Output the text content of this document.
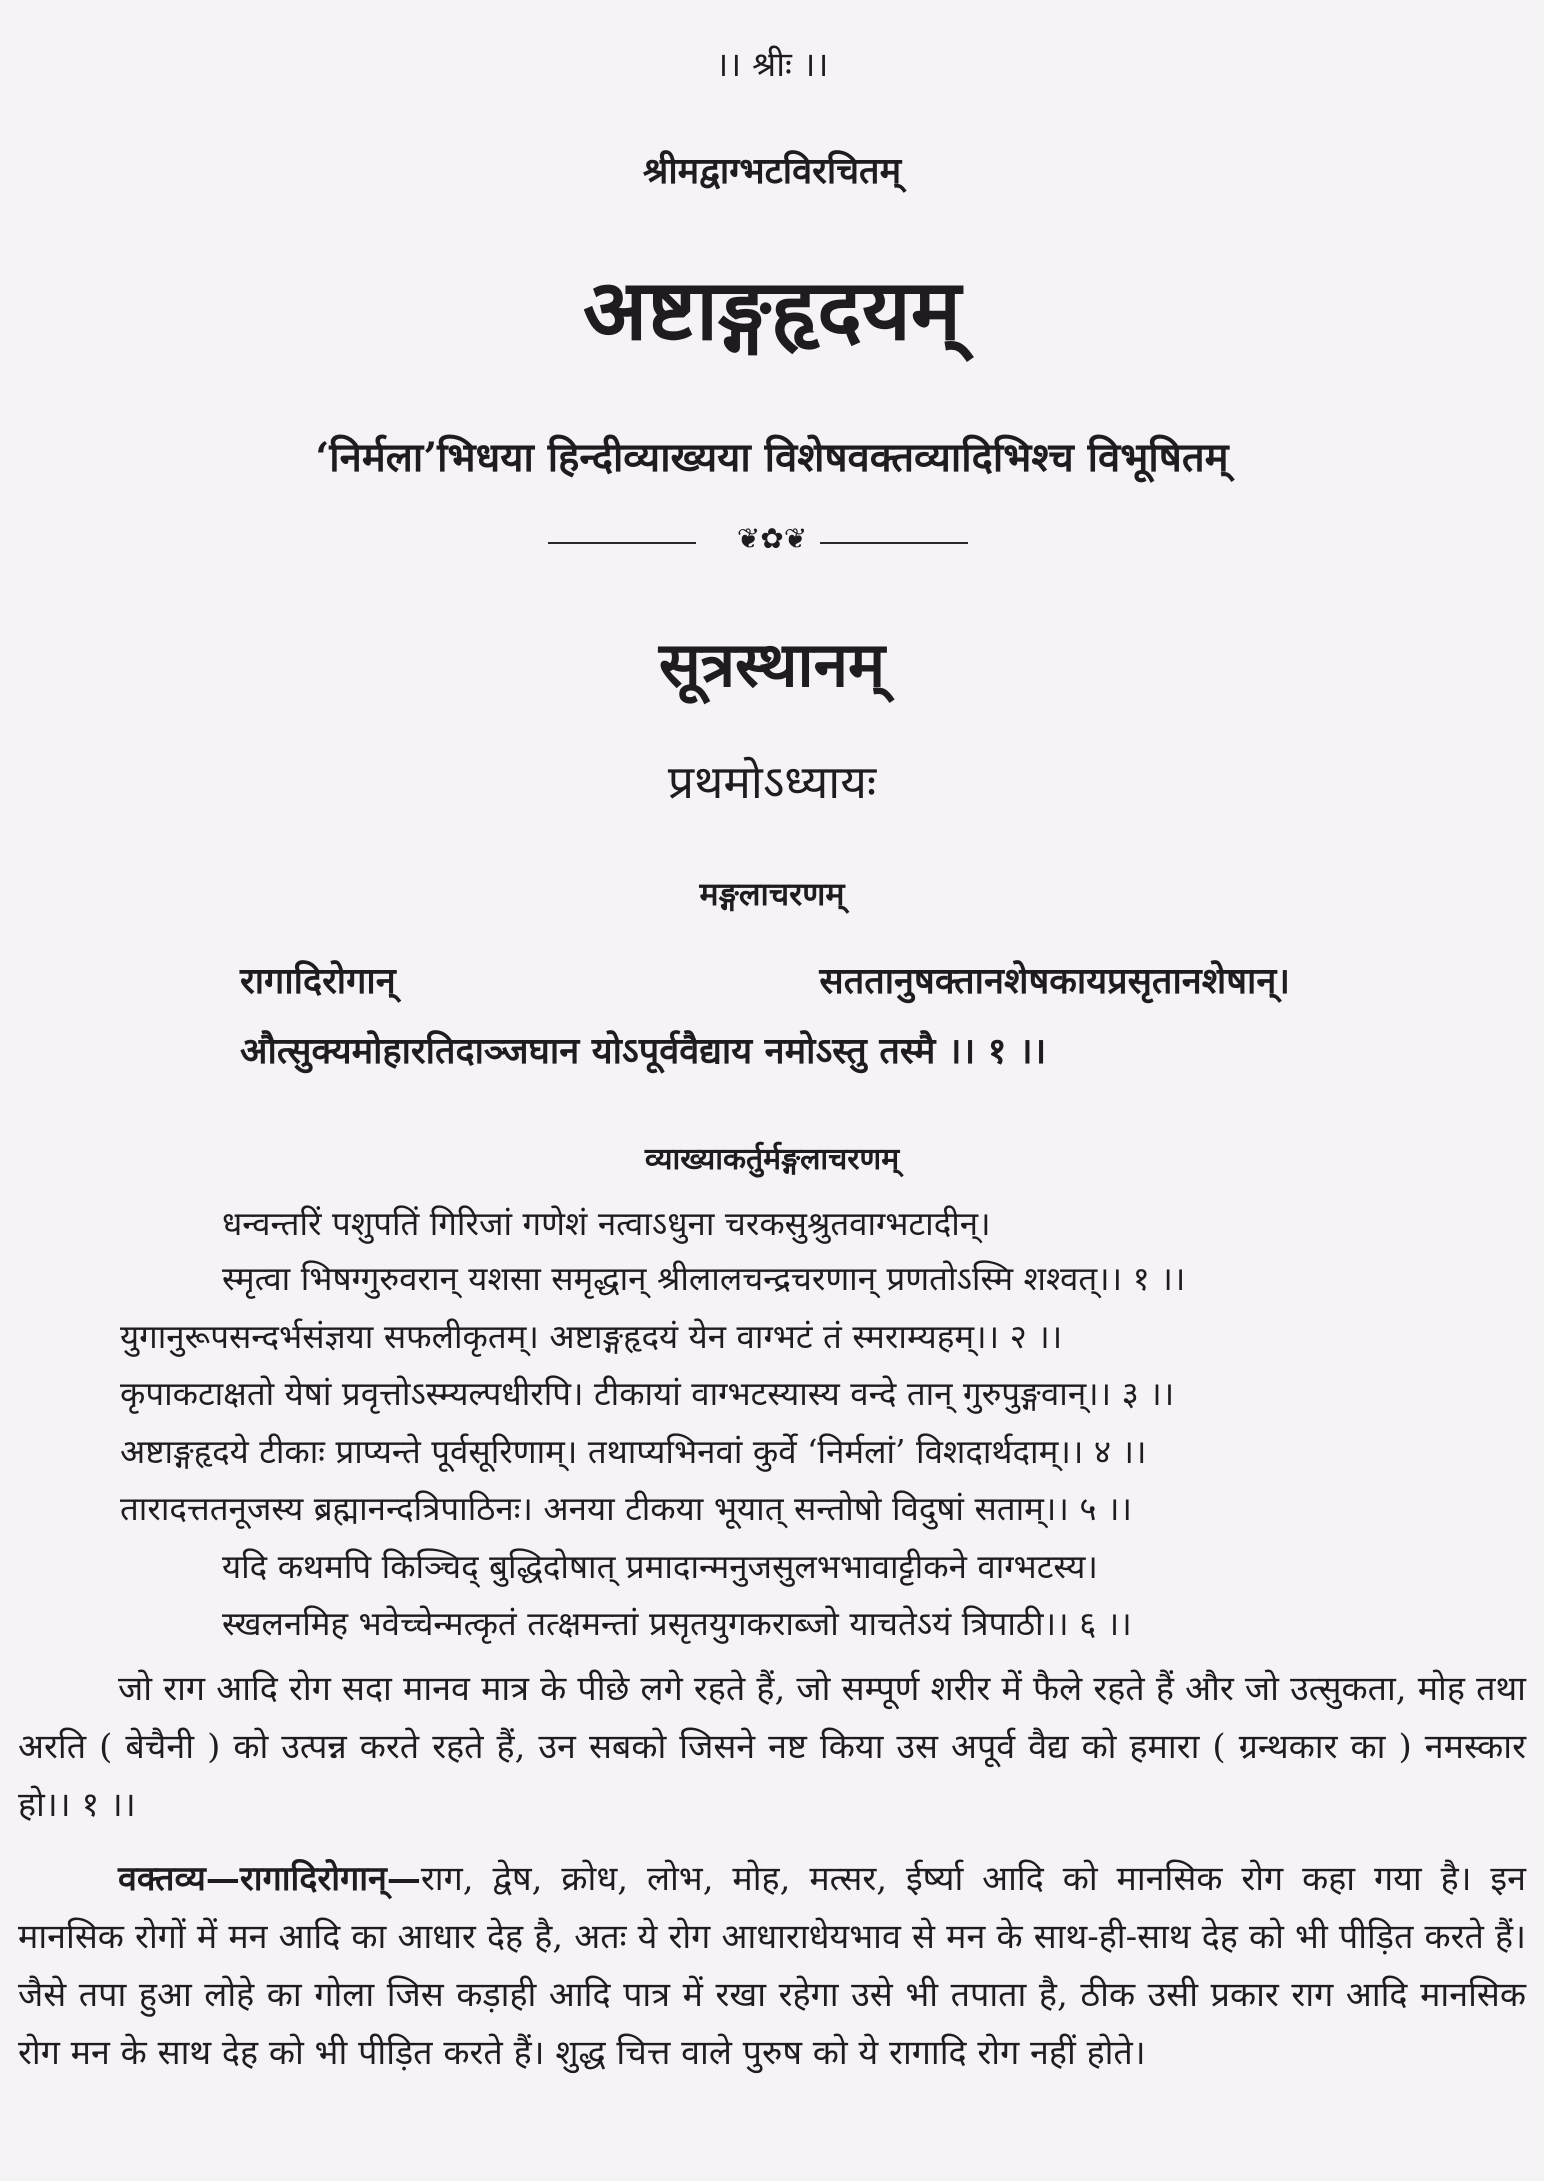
।। श्रीः ।।
श्रीमद्वाग्भटविरचितम्
अष्टाङ्गहृदयम्
‘निर्मला’भिधया हिन्दीव्याख्यया विशेषवक्तव्यादिभिश्च विभूषितम्
❦✿❦
सूत्रस्थानम्
प्रथमोऽध्यायः
मङ्गलाचरणम्
रागादिरोगान्	सततानुषक्तानशेषकायप्रसृतानशेषान्।
औत्सुक्यमोहारतिदाञ्जघान योऽपूर्ववैद्याय नमोऽस्तु तस्मै ।। १ ।।
व्याख्याकर्तुर्मङ्गलाचरणम्
धन्वन्तरिं पशुपतिं गिरिजां गणेशं नत्वाऽधुना चरकसुश्रुतवाग्भटादीन्।
स्मृत्वा भिषग्गुरुवरान् यशसा समृद्धान् श्रीलालचन्द्रचरणान् प्रणतोऽस्मि शश्वत्।। १ ।।
युगानुरूपसन्दर्भसंज्ञया सफलीकृतम्। अष्टाङ्गहृदयं येन वाग्भटं तं स्मराम्यहम्।। २ ।।
कृपाकटाक्षतो येषां प्रवृत्तोऽस्म्यल्पधीरपि। टीकायां वाग्भटस्यास्य वन्दे तान् गुरुपुङ्गवान्।। ३ ।।
अष्टाङ्गहृदये टीकाः प्राप्यन्ते पूर्वसूरिणाम्। तथाप्यभिनवां कुर्वे ‘निर्मलां’ विशदार्थदाम्।। ४ ।।
तारादत्ततनूजस्य ब्रह्मानन्दत्रिपाठिनः। अनया टीकया भूयात् सन्तोषो विदुषां सताम्।। ५ ।।
यदि कथमपि किञ्चिद् बुद्धिदोषात् प्रमादान्मनुजसुलभभावाट्टीकने वाग्भटस्य।
स्खलनमिह भवेच्चेन्मत्कृतं तत्क्षमन्तां प्रसृतयुगकराब्जो याचतेऽयं त्रिपाठी।। ६ ।।

जो राग आदि रोग सदा मानव मात्र के पीछे लगे रहते हैं, जो सम्पूर्ण शरीर में फैले रहते हैं और जो उत्सुकता, मोह तथा अरति ( बेचैनी ) को उत्पन्न करते रहते हैं, उन सबको जिसने नष्ट किया उस अपूर्व वैद्य को हमारा ( ग्रन्थकार का ) नमस्कार हो।। १ ।।

वक्तव्य—रागादिरोगान्—राग, द्वेष, क्रोध, लोभ, मोह, मत्सर, ईर्ष्या आदि को मानसिक रोग कहा गया है। इन मानसिक रोगों में मन आदि का आधार देह है, अतः ये रोग आधाराधेयभाव से मन के साथ-ही-साथ देह को भी पीड़ित करते हैं। जैसे तपा हुआ लोहे का गोला जिस कड़ाही आदि पात्र में रखा रहेगा उसे भी तपाता है, ठीक उसी प्रकार राग आदि मानसिक रोग मन के साथ देह को भी पीड़ित करते हैं। शुद्ध चित्त वाले पुरुष को ये रागादि रोग नहीं होते।
